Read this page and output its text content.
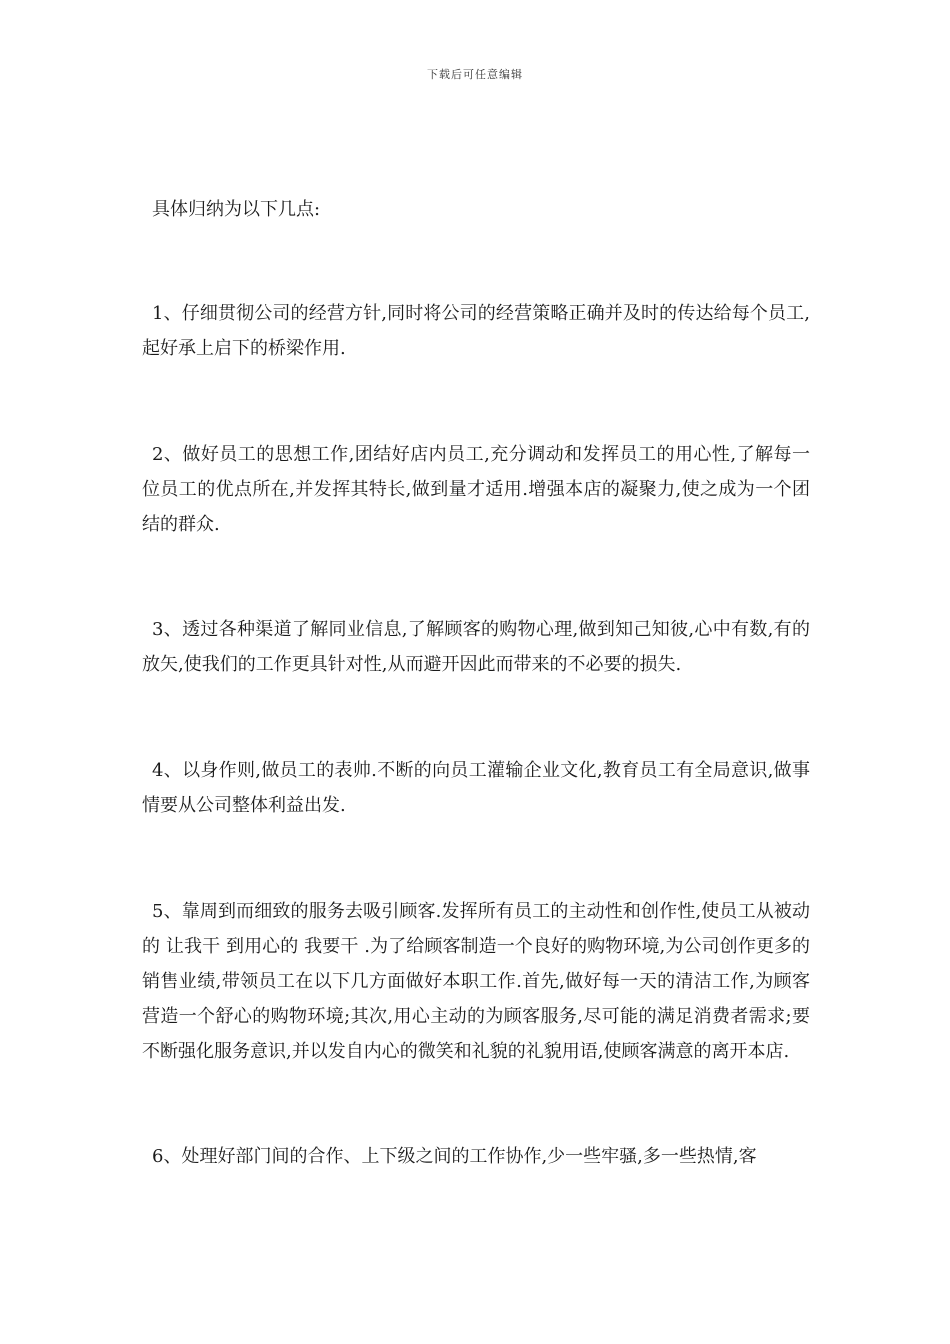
下载后可任意编辑

具体归纳为以下几点:

1、仔细贯彻公司的经营方针,同时将公司的经营策略正确并及时的传达给每个员工,起好承上启下的桥梁作用.

2、做好员工的思想工作,团结好店内员工,充分调动和发挥员工的用心性,了解每一位员工的优点所在,并发挥其特长,做到量才适用.增强本店的凝聚力,使之成为一个团结的群众.

3、透过各种渠道了解同业信息,了解顾客的购物心理,做到知己知彼,心中有数,有的放矢,使我们的工作更具针对性,从而避开因此而带来的不必要的损失.

4、以身作则,做员工的表帅.不断的向员工灌输企业文化,教育员工有全局意识,做事情要从公司整体利益出发.

5、靠周到而细致的服务去吸引顾客.发挥所有员工的主动性和创作性,使员工从被动的 让我干 到用心的 我要干 .为了给顾客制造一个良好的购物环境,为公司创作更多的销售业绩,带领员工在以下几方面做好本职工作.首先,做好每一天的清洁工作,为顾客营造一个舒心的购物环境;其次,用心主动的为顾客服务,尽可能的满足消费者需求;要不断强化服务意识,并以发自内心的微笑和礼貌的礼貌用语,使顾客满意的离开本店.

6、处理好部门间的合作、上下级之间的工作协作,少一些牢骚,多一些热情,客
